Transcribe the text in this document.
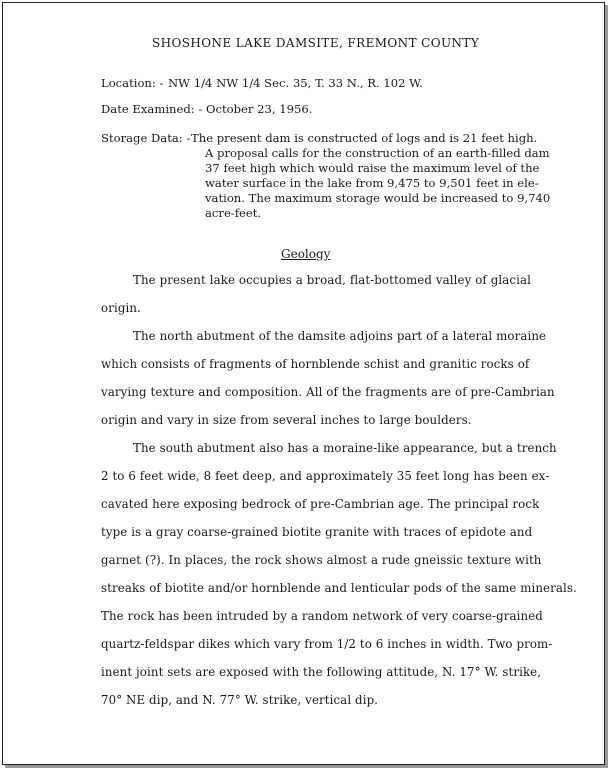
SHOSHONE LAKE DAMSITE, FREMONT COUNTY
Location: - NW 1/4 NW 1/4 Sec. 35, T. 33 N., R. 102 W.
Date Examined: - October 23, 1956.
Storage Data: - The present dam is constructed of logs and is 21 feet high.
A proposal calls for the construction of an earth-filled dam
37 feet high which would raise the maximum level of the
water surface in the lake from 9,475 to 9,501 feet in ele-
vation. The maximum storage would be increased to 9,740
acre-feet.
Geology
The present lake occupies a broad, flat-bottomed valley of glacial
origin.
The north abutment of the damsite adjoins part of a lateral moraine
which consists of fragments of hornblende schist and granitic rocks of
varying texture and composition. All of the fragments are of pre-Cambrian
origin and vary in size from several inches to large boulders.
The south abutment also has a moraine-like appearance, but a trench
2 to 6 feet wide, 8 feet deep, and approximately 35 feet long has been ex-
cavated here exposing bedrock of pre-Cambrian age. The principal rock
type is a gray coarse-grained biotite granite with traces of epidote and
garnet (?). In places, the rock shows almost a rude gneissic texture with
streaks of biotite and/or hornblende and lenticular pods of the same minerals.
The rock has been intruded by a random network of very coarse-grained
quartz-feldspar dikes which vary from 1/2 to 6 inches in width. Two prom-
inent joint sets are exposed with the following attitude, N. 17° W. strike,
70° NE dip, and N. 77° W. strike, vertical dip.
